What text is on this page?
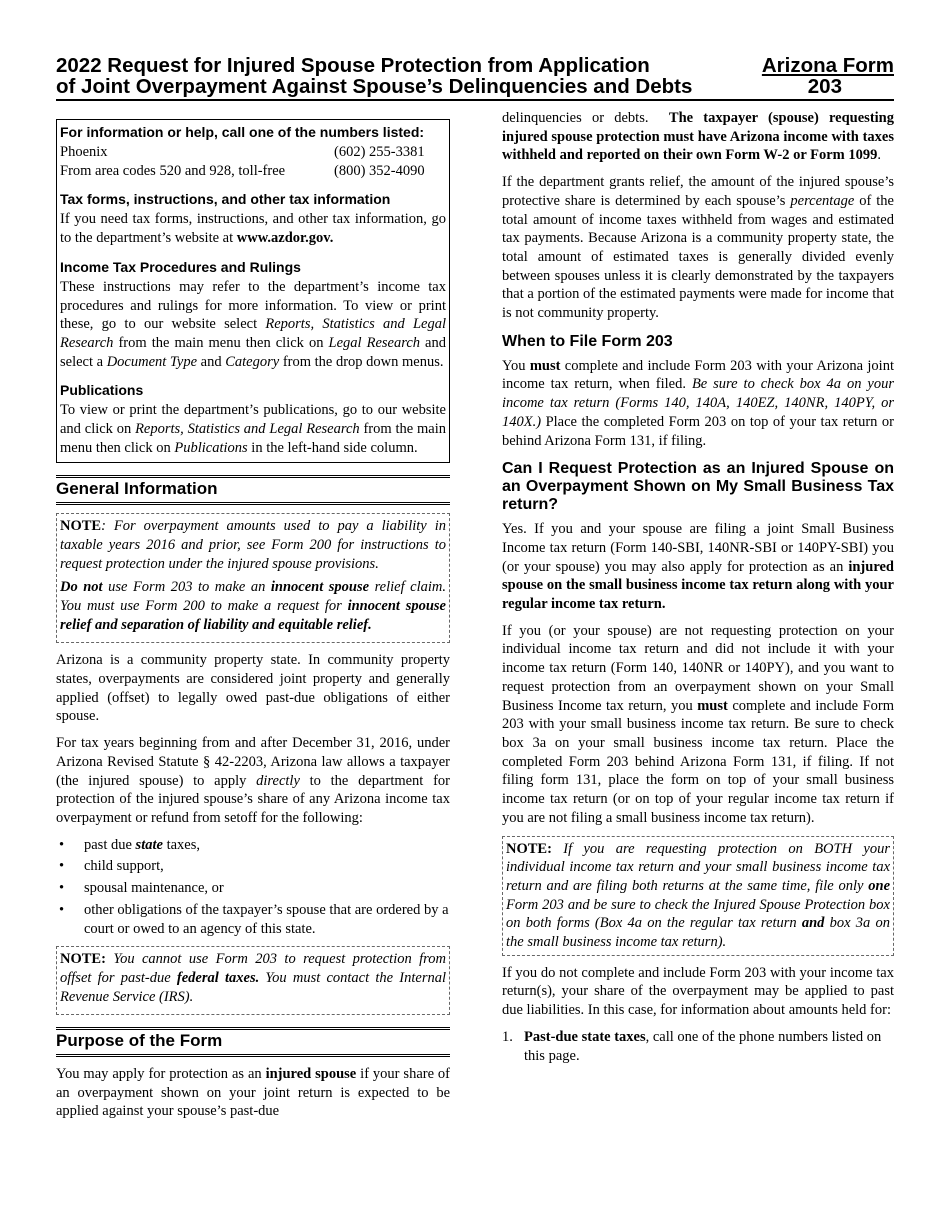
2022 Request for Injured Spouse Protection from Application
of Joint Overpayment Against Spouse’s Delinquencies and Debts
Arizona Form
203
For information or help, call one of the numbers listed:
Phoenix	(602) 255-3381
From area codes 520 and 928, toll-free	(800) 352-4090
Tax forms, instructions, and other tax information

If you need tax forms, instructions, and other tax information, go to the department’s website at www.azdor.gov.

Income Tax Procedures and Rulings

These instructions may refer to the department’s income tax procedures and rulings for more information. To view or print these, go to our website select Reports, Statistics and Legal Research from the main menu then click on Legal Research and select a Document Type and Category from the drop down menus.

Publications

To view or print the department’s publications, go to our website and click on Reports, Statistics and Legal Research from the main menu then click on Publications in the left-hand side column.

General Information

NOTE: For overpayment amounts used to pay a liability in taxable years 2016 and prior, see Form 200 for instructions to request protection under the injured spouse provisions.

Do not use Form 203 to make an innocent spouse relief claim. You must use Form 200 to make a request for innocent spouse relief and separation of liability and equitable relief.

Arizona is a community property state. In community property states, overpayments are considered joint property and generally applied (offset) to legally owed past-due obligations of either spouse.

For tax years beginning from and after December 31, 2016, under Arizona Revised Statute § 42-2203, Arizona law allows a taxpayer (the injured spouse) to apply directly to the department for protection of the injured spouse’s share of any Arizona income tax overpayment or refund from setoff for the following:

• past due state taxes,
• child support,
• spousal maintenance, or
• other obligations of the taxpayer’s spouse that are ordered by a court or owed to an agency of this state.

NOTE: You cannot use Form 203 to request protection from offset for past-due federal taxes. You must contact the Internal Revenue Service (IRS).

Purpose of the Form

You may apply for protection as an injured spouse if your share of an overpayment shown on your joint return is expected to be applied against your spouse’s past-due

delinquencies or debts.  The taxpayer (spouse) requesting injured spouse protection must have Arizona income with taxes withheld and reported on their own Form W-2 or Form 1099.

If the department grants relief, the amount of the injured spouse’s protective share is determined by each spouse’s percentage of the total amount of income taxes withheld from wages and estimated tax payments. Because Arizona is a community property state, the total amount of estimated taxes is generally divided evenly between spouses unless it is clearly demonstrated by the taxpayers that a portion of the estimated payments were made for income that is not community property.

When to File Form 203

You must complete and include Form 203 with your Arizona joint income tax return, when filed. Be sure to check box 4a on your income tax return (Forms 140, 140A, 140EZ, 140NR, 140PY, or 140X.) Place the completed Form 203 on top of your tax return or behind Arizona Form 131, if filing.

Can I Request Protection as an Injured Spouse on an Overpayment Shown on My Small Business Tax return?

Yes. If you and your spouse are filing a joint Small Business Income tax return (Form 140-SBI, 140NR-SBI or 140PY-SBI) you (or your spouse) you may also apply for protection as an injured spouse on the small business income tax return along with your regular income tax return.

If you (or your spouse) are not requesting protection on your individual income tax return and did not include it with your income tax return (Form 140, 140NR or 140PY), and you want to request protection from an overpayment shown on your Small Business Income tax return, you must complete and include Form 203 with your small business income tax return. Be sure to check box 3a on your small business income tax return. Place the completed Form 203 behind Arizona Form 131, if filing. If not filing form 131, place the form on top of your small business income tax return (or on top of your regular income tax return if you are not filing a small business income tax return).

NOTE: If you are requesting protection on BOTH your individual income tax return and your small business income tax return and are filing both returns at the same time, file only one Form 203 and be sure to check the Injured Spouse Protection box on both forms (Box 4a on the regular tax return and box 3a on the small business income tax return).

If you do not complete and include Form 203 with your income tax return(s), your share of the overpayment may be applied to past due liabilities. In this case, for information about amounts held for:

1. Past-due state taxes, call one of the phone numbers listed on this page.
